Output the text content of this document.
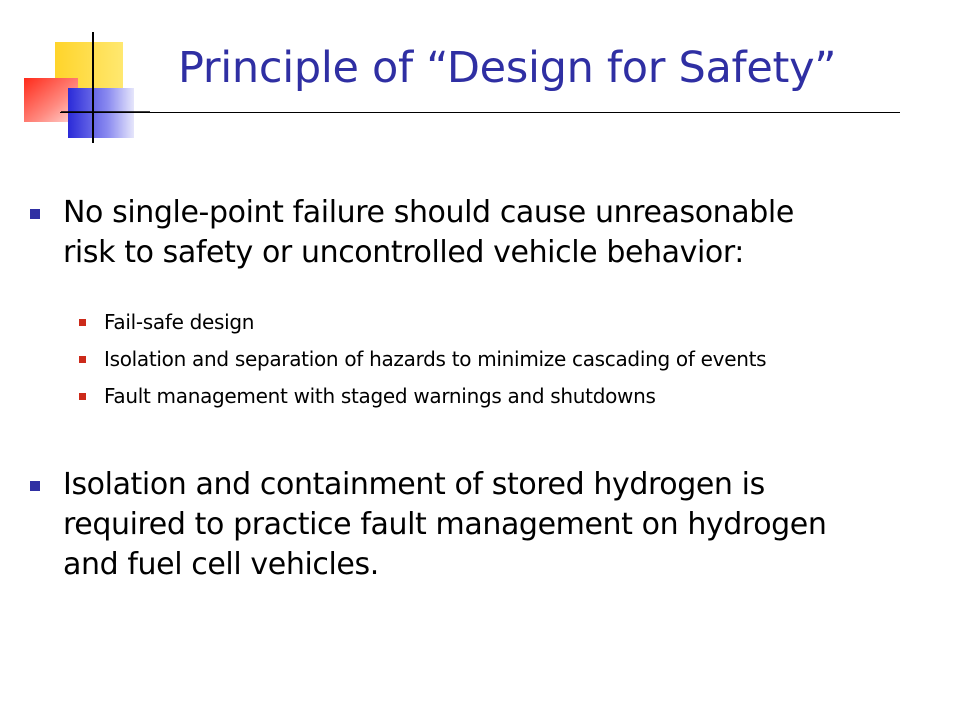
Principle of “Design for Safety”
No single-point failure should cause unreasonable
risk to safety or uncontrolled vehicle behavior:
Fail-safe design
Isolation and separation of hazards to minimize cascading of events
Fault management with staged warnings and shutdowns
Isolation and containment of stored hydrogen is
required to practice fault management on hydrogen
and fuel cell vehicles.
